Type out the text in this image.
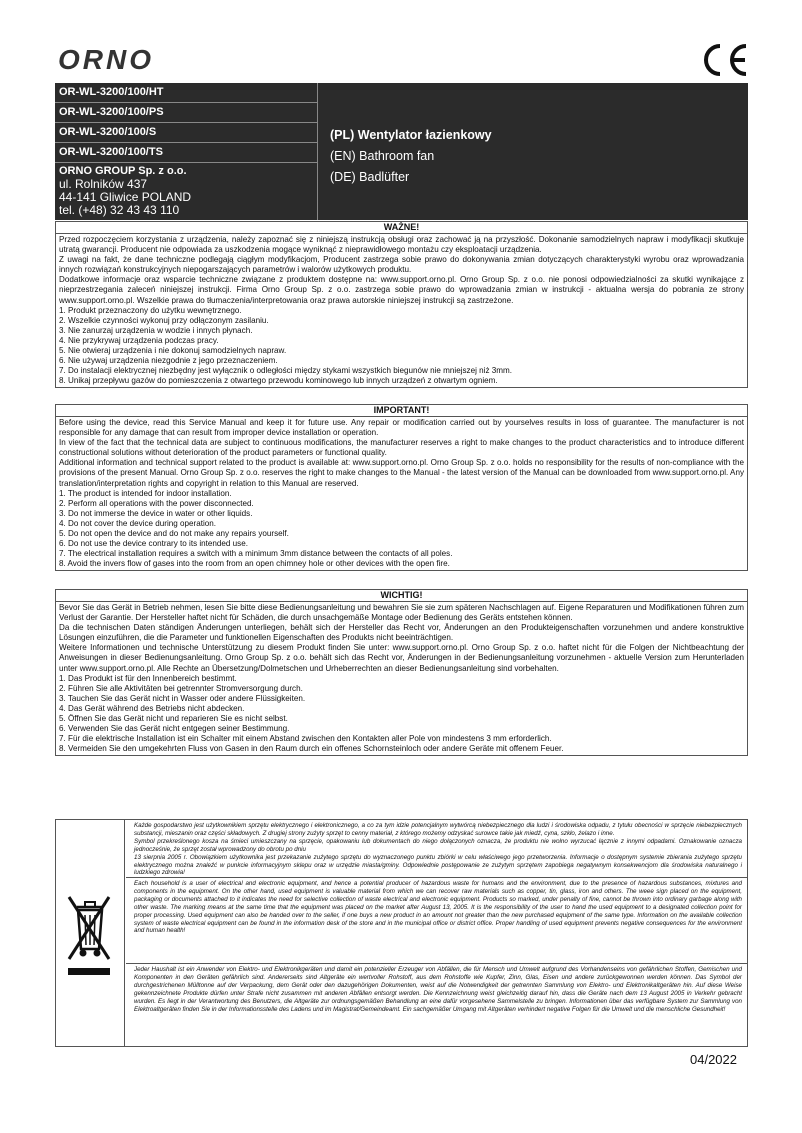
ORNO
OR-WL-3200/100/HT
OR-WL-3200/100/PS
OR-WL-3200/100/S
OR-WL-3200/100/TS
ORNO GROUP Sp. z o.o.
ul. Rolników 437
44-141 Gliwice POLAND
tel. (+48) 32 43 43 110
(PL) Wentylator łazienkowy
(EN) Bathroom fan
(DE) Badlüfter
WAŻNE!

Przed rozpoczęciem korzystania z urządzenia, należy zapoznać się z niniejszą instrukcją obsługi oraz zachować ją na przyszłość. Dokonanie samodzielnych napraw i modyfikacji skutkuje utratą gwarancji. Producent nie odpowiada za uszkodzenia mogące wyniknąć z nieprawidłowego montażu czy eksploatacji urządzenia.

Z uwagi na fakt, że dane techniczne podlegają ciągłym modyfikacjom, Producent zastrzega sobie prawo do dokonywania zmian dotyczących charakterystyki wyrobu oraz wprowadzania innych rozwiązań konstrukcyjnych niepogarszających parametrów i walorów użytkowych produktu.

Dodatkowe informacje oraz wsparcie techniczne związane z produktem dostępne na: www.support.orno.pl. Orno Group Sp. z o.o. nie ponosi odpowiedzialności za skutki wynikające z nieprzestrzegania zaleceń niniejszej instrukcji. Firma Orno Group Sp. z o.o. zastrzega sobie prawo do wprowadzania zmian w instrukcji - aktualna wersja do pobrania ze strony www.support.orno.pl. Wszelkie prawa do tłumaczenia/interpretowania oraz prawa autorskie niniejszej instrukcji są zastrzeżone.

1. Produkt przeznaczony do użytku wewnętrznego.

2. Wszelkie czynności wykonuj przy odłączonym zasilaniu.

3. Nie zanurzaj urządzenia w wodzie i innych płynach.

4. Nie przykrywaj urządzenia podczas pracy.

5. Nie otwieraj urządzenia i nie dokonuj samodzielnych napraw.

6. Nie używaj urządzenia niezgodnie z jego przeznaczeniem.

7. Do instalacji elektrycznej niezbędny jest wyłącznik o odległości między stykami wszystkich biegunów nie mniejszej niż 3mm.

8. Unikaj przepływu gazów do pomieszczenia z otwartego przewodu kominowego lub innych urządzeń z otwartym ogniem.

IMPORTANT!

Before using the device, read this Service Manual and keep it for future use. Any repair or modification carried out by yourselves results in loss of guarantee. The manufacturer is not responsible for any damage that can result from improper device installation or operation.

In view of the fact that the technical data are subject to continuous modifications, the manufacturer reserves a right to make changes to the product characteristics and to introduce different constructional solutions without deterioration of the product parameters or functional quality.

Additional information and technical support related to the product is available at: www.support.orno.pl. Orno Group Sp. z o.o. holds no responsibility for the results of non-compliance with the provisions of the present Manual. Orno Group Sp. z o.o. reserves the right to make changes to the Manual - the latest version of the Manual can be downloaded from www.support.orno.pl. Any translation/interpretation rights and copyright in relation to this Manual are reserved.

1. The product is intended for indoor installation.

2. Perform all operations with the power disconnected.

3. Do not immerse the device in water or other liquids.

4. Do not cover the device during operation.

5. Do not open the device and do not make any repairs yourself.

6. Do not use the device contrary to its intended use.

7. The electrical installation requires a switch with a minimum 3mm distance between the contacts of all poles.

8. Avoid the invers flow of gases into the room from an open chimney hole or other devices with the open fire.

WICHTIG!

Bevor Sie das Gerät in Betrieb nehmen, lesen Sie bitte diese Bedienungsanleitung und bewahren Sie sie zum späteren Nachschlagen auf. Eigene Reparaturen und Modifikationen führen zum Verlust der Garantie. Der Hersteller haftet nicht für Schäden, die durch unsachgemäße Montage oder Bedienung des Geräts entstehen können.

Da die technischen Daten ständigen Änderungen unterliegen, behält sich der Hersteller das Recht vor, Änderungen an den Produkteigenschaften vorzunehmen und andere konstruktive Lösungen einzuführen, die die Parameter und funktionellen Eigenschaften des Produkts nicht beeinträchtigen.

Weitere Informationen und technische Unterstützung zu diesem Produkt finden Sie unter: www.support.orno.pl. Orno Group Sp. z o.o. haftet nicht für die Folgen der Nichtbeachtung der Anweisungen in dieser Bedienungsanleitung. Orno Group Sp. z o.o. behält sich das Recht vor, Änderungen in der Bedienungsanleitung vorzunehmen - aktuelle Version zum Herunterladen unter www.support.orno.pl. Alle Rechte an Übersetzung/Dolmetschen und Urheberrechten an dieser Bedienungsanleitung sind vorbehalten.

1. Das Produkt ist für den Innenbereich bestimmt.

2. Führen Sie alle Aktivitäten bei getrennter Stromversorgung durch.

3. Tauchen Sie das Gerät nicht in Wasser oder andere Flüssigkeiten.

4. Das Gerät während des Betriebs nicht abdecken.

5. Öffnen Sie das Gerät nicht und reparieren Sie es nicht selbst.

6. Verwenden Sie das Gerät nicht entgegen seiner Bestimmung.

7. Für die elektrische Installation ist ein Schalter mit einem Abstand zwischen den Kontakten aller Pole von mindestens 3 mm erforderlich.

8. Vermeiden Sie den umgekehrten Fluss von Gasen in den Raum durch ein offenes Schornsteinloch oder andere Geräte mit offenem Feuer.

Każde gospodarstwo jest użytkownikiem sprzętu elektrycznego i elektronicznego, a co za tym idzie potencjalnym wytwórcą niebezpiecznego dla ludzi i środowiska odpadu, z tytułu obecności w sprzęcie niebezpiecznych substancji, mieszanin oraz części składowych. Z drugiej strony zużyty sprzęt to cenny materiał, z którego możemy odzyskać surowce takie jak miedź, cyna, szkło, żelazo i inne.
Symbol przekreślonego kosza na śmieci umieszczany na sprzęcie, opakowaniu lub dokumentach do niego dołączonych oznacza, że produktu nie wolno wyrzucać łącznie z innymi odpadami. Oznakowanie oznacza jednocześnie, że sprzęt został wprowadzony do obrotu po dniu
13 sierpnia 2005 r. Obowiązkiem użytkownika jest przekazanie zużytego sprzętu do wyznaczonego punktu zbiórki w celu właściwego jego przetworzenia. Informacje o dostępnym systemie zbierania zużytego sprzętu elektrycznego można znaleźć w punkcie informacyjnym sklepu oraz w urzędzie miasta/gminy. Odpowiednie postępowanie ze zużytym sprzętem zapobiega negatywnym konsekwencjom dla środowiska naturalnego i ludzkiego zdrowia!
Each household is a user of electrical and electronic equipment, and hence a potential producer of hazardous waste for humans and the environment, due to the presence of hazardous substances, mixtures and components in the equipment. On the other hand, used equipment is valuable material from which we can recover raw materials such as copper, tin, glass, iron and others. The weee sign placed on the equipment, packaging or documents attached to it indicates the need for selective collection of waste electrical and electronic equipment. Products so marked, under penalty of fine, cannot be thrown into ordinary garbage along with other waste. The marking means at the same time that the equipment was placed on the market after August 13, 2005. It is the responsibility of the user to hand the used equipment to a designated collection point for proper processing. Used equipment can also be handed over to the seller, if one buys a new product in an amount not greater than the new purchased equipment of the same type. Information on the available collection system of waste electrical equipment can be found in the information desk of the store and in the municipal office or district office. Proper handling of used equipment prevents negative consequences for the environment and human health!
Jeder Haushalt ist ein Anwender von Elektro- und Elektronikgeräten und damit ein potenzieller Erzeuger von Abfällen, die für Mensch und Umwelt aufgrund des Vorhandenseins von gefährlichen Stoffen, Gemischen und Komponenten in den Geräten gefährlich sind. Andererseits sind Altgeräte ein wertvoller Rohstoff, aus dem Rohstoffe wie Kupfer, Zinn, Glas, Eisen und andere zurückgewonnen werden können. Das Symbol der durchgestrichenen Mülltonne auf der Verpackung, dem Gerät oder den dazugehörigen Dokumenten, weist auf die Notwendigkeit der getrennten Sammlung von Elektro- und Elektronikaltgeräten hin. Auf diese Weise gekennzeichnete Produkte dürfen unter Strafe nicht zusammen mit anderen Abfällen entsorgt werden. Die Kennzeichnung weist gleichzeitig darauf hin, dass die Geräte nach dem 13 August 2005 in Verkehr gebracht wurden. Es liegt in der Verantwortung des Benutzers, die Altgeräte zur ordnungsgemäßen Behandlung an eine dafür vorgesehene Sammelstelle zu bringen. Informationen über das verfügbare System zur Sammlung von Elektroaltgeräten finden Sie in der Informationsstelle des Ladens und im Magistrat/Gemeindeamt. Ein sachgemäßer Umgang mit Altgeräten verhindert negative Folgen für die Umwelt und die menschliche Gesundheit!
04/2022
